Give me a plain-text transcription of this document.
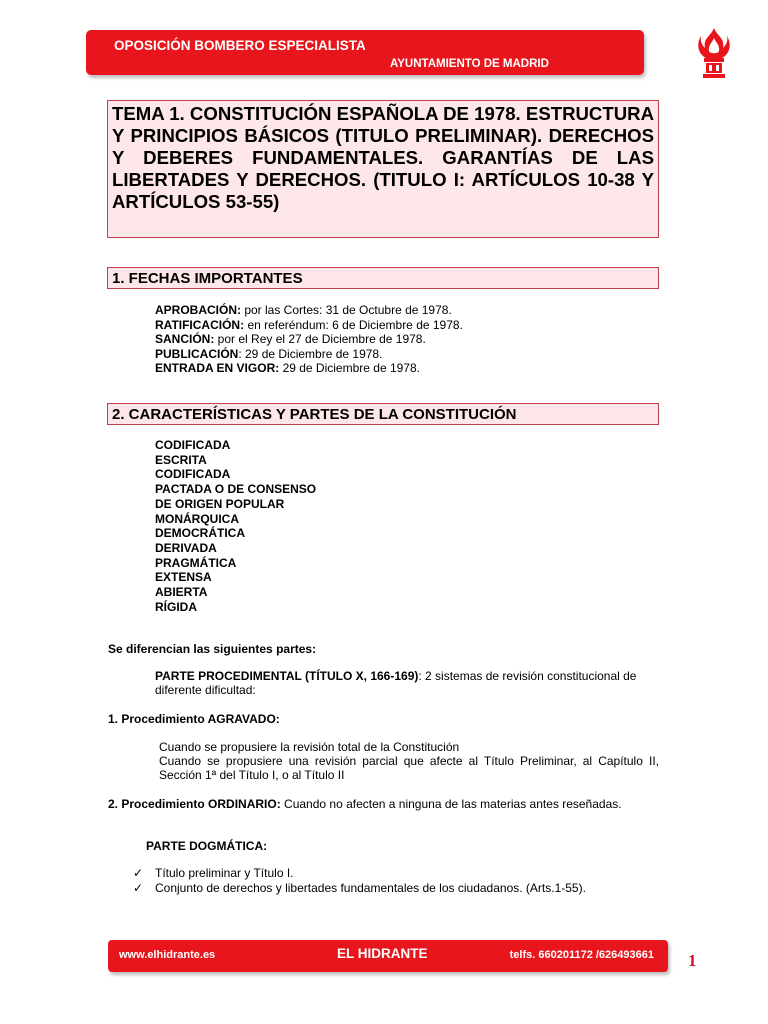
OPOSICIÓN BOMBERO ESPECIALISTA
AYUNTAMIENTO DE MADRID

TEMA 1. CONSTITUCIÓN ESPAÑOLA DE 1978. ESTRUCTURA Y PRINCIPIOS BÁSICOS (TITULO PRELIMINAR). DERECHOS Y DEBERES FUNDAMENTALES. GARANTÍAS DE LAS LIBERTADES Y DERECHOS. (TITULO I: ARTÍCULOS 10-38 Y ARTÍCULOS 53-55)

1. FECHAS IMPORTANTES
APROBACIÓN: por las Cortes: 31 de Octubre de 1978.
RATIFICACIÓN: en referéndum: 6 de Diciembre de 1978.
SANCIÓN: por el Rey el 27 de Diciembre de 1978.
PUBLICACIÓN: 29 de Diciembre de 1978.
ENTRADA EN VIGOR: 29 de Diciembre de 1978.
2. CARACTERÍSTICAS Y PARTES DE LA CONSTITUCIÓN
CODIFICADA
ESCRITA
CODIFICADA
PACTADA O DE CONSENSO
DE ORIGEN POPULAR
MONÁRQUICA
DEMOCRÁTICA
DERIVADA
PRAGMÁTICA
EXTENSA
ABIERTA
RÍGIDA
Se diferencian las siguientes partes:
PARTE PROCEDIMENTAL (TÍTULO X, 166-169): 2 sistemas de revisión constitucional de diferente dificultad:
1. Procedimiento AGRAVADO:
Cuando se propusiere la revisión total de la Constitución
Cuando se propusiere una revisión parcial que afecte al Título Preliminar, al Capítulo II, Sección 1ª del Título I, o al Título II
2. Procedimiento ORDINARIO: Cuando no afecten a ninguna de las materias antes reseñadas.
PARTE DOGMÁTICA:
✓ Título preliminar y Título I.
✓ Conjunto de derechos y libertades fundamentales de los ciudadanos. (Arts.1-55).
www.elhidrante.es	EL HIDRANTE	telfs. 660201172 /626493661 1
